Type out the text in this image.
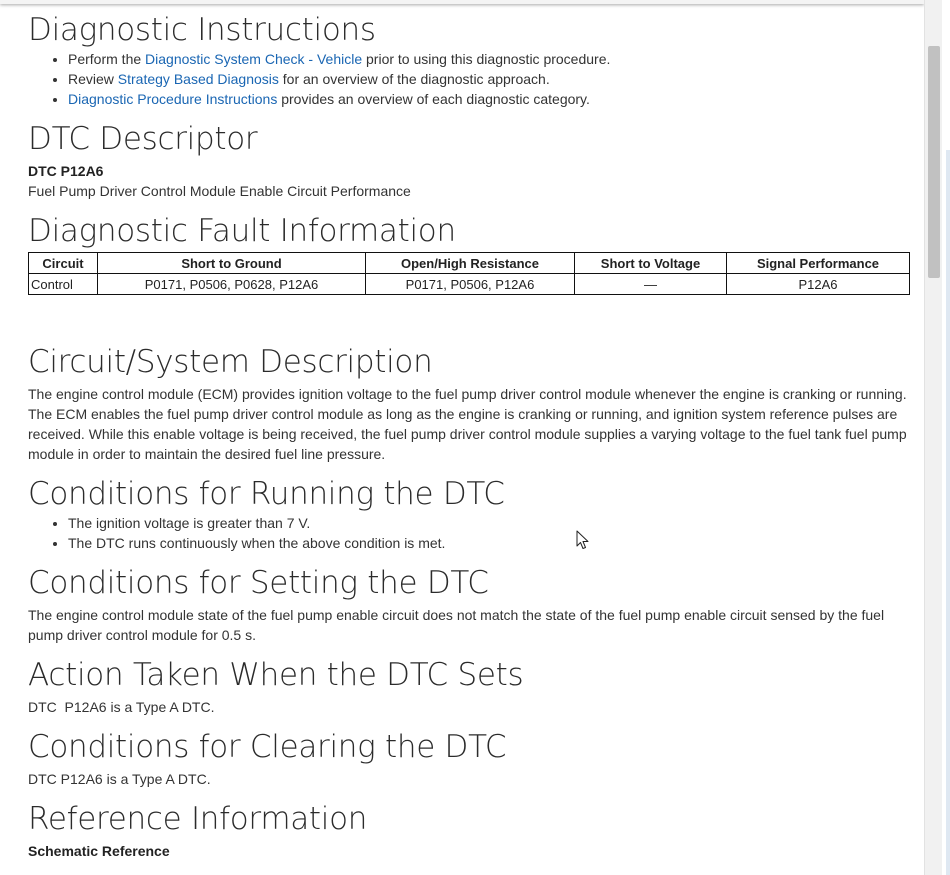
Diagnostic Instructions
• Perform the Diagnostic System Check - Vehicle prior to using this diagnostic procedure.
• Review Strategy Based Diagnosis for an overview of the diagnostic approach.
• Diagnostic Procedure Instructions provides an overview of each diagnostic category.
DTC Descriptor

DTC P12A6

Fuel Pump Driver Control Module Enable Circuit Performance

Diagnostic Fault Information
Circuit	Short to Ground	Open/High Resistance	Short to Voltage	Signal Performance
Control	P0171, P0506, P0628, P12A6	P0171, P0506, P12A6	—	P12A6
Circuit/System Description

The engine control module (ECM) provides ignition voltage to the fuel pump driver control module whenever the engine is cranking or running. The ECM enables the fuel pump driver control module as long as the engine is cranking or running, and ignition system reference pulses are received. While this enable voltage is being received, the fuel pump driver control module supplies a varying voltage to the fuel tank fuel pump module in order to maintain the desired fuel line pressure.

Conditions for Running the DTC
• The ignition voltage is greater than 7 V.
• The DTC runs continuously when the above condition is met.
Conditions for Setting the DTC

The engine control module state of the fuel pump enable circuit does not match the state of the fuel pump enable circuit sensed by the fuel pump driver control module for 0.5 s.

Action Taken When the DTC Sets

DTC  P12A6 is a Type A DTC.

Conditions for Clearing the DTC

DTC P12A6 is a Type A DTC.

Reference Information

Schematic Reference
